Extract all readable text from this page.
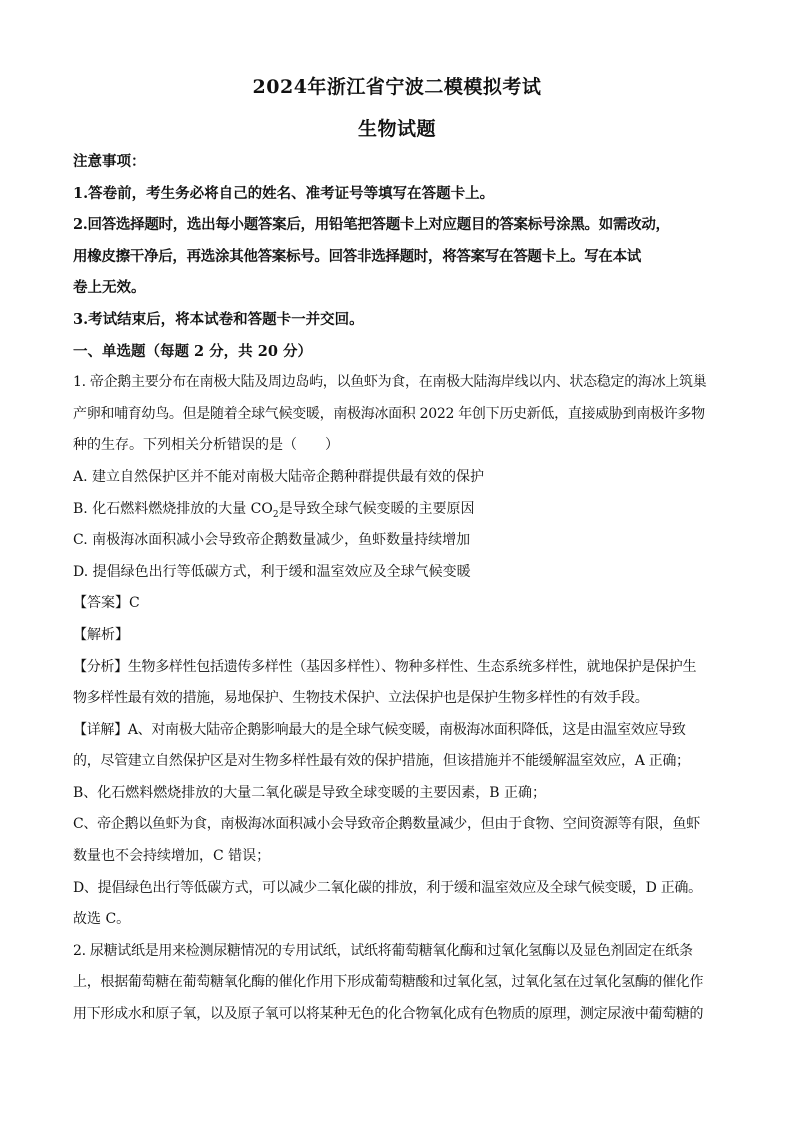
2024年浙江省宁波二模模拟考试
生物试题
注意事项：
1.答卷前，考生务必将自己的姓名、准考证号等填写在答题卡上。
2.回答选择题时，选出每小题答案后，用铅笔把答题卡上对应题目的答案标号涂黑。如需改动，
用橡皮擦干净后，再选涂其他答案标号。回答非选择题时，将答案写在答题卡上。写在本试
卷上无效。
3.考试结束后，将本试卷和答题卡一并交回。
一、单选题（每题 2 分，共 20 分）
1. 帝企鹅主要分布在南极大陆及周边岛屿，以鱼虾为食，在南极大陆海岸线以内、状态稳定的海冰上筑巢
产卵和哺育幼鸟。但是随着全球气候变暖，南极海冰面积 2022 年创下历史新低，直接威胁到南极许多物
种的生存。下列相关分析错误的是（　　）
A. 建立自然保护区并不能对南极大陆帝企鹅种群提供最有效的保护
B. 化石燃料燃烧排放的大量 $CO_2$是导致全球气候变暖的主要原因
C. 南极海冰面积减小会导致帝企鹅数量减少，鱼虾数量持续增加
D. 提倡绿色出行等低碳方式，利于缓和温室效应及全球气候变暖
【答案】C
【解析】
【分析】生物多样性包括遗传多样性（基因多样性）、物种多样性、生态系统多样性，就地保护是保护生
物多样性最有效的措施，易地保护、生物技术保护、立法保护也是保护生物多样性的有效手段。
【详解】A、对南极大陆帝企鹅影响最大的是全球气候变暖，南极海冰面积降低，这是由温室效应导致
的，尽管建立自然保护区是对生物多样性最有效的保护措施，但该措施并不能缓解温室效应，A 正确；
B、化石燃料燃烧排放的大量二氧化碳是导致全球变暖的主要因素，B 正确；
C、帝企鹅以鱼虾为食，南极海冰面积减小会导致帝企鹅数量减少，但由于食物、空间资源等有限，鱼虾
数量也不会持续增加，C 错误；
D、提倡绿色出行等低碳方式，可以减少二氧化碳的排放，利于缓和温室效应及全球气候变暖，D 正确。
故选 C。
2. 尿糖试纸是用来检测尿糖情况的专用试纸，试纸将葡萄糖氧化酶和过氧化氢酶以及显色剂固定在纸条
上，根据葡萄糖在葡萄糖氧化酶的催化作用下形成葡萄糖酸和过氧化氢，过氧化氢在过氧化氢酶的催化作
用下形成水和原子氧，以及原子氧可以将某种无色的化合物氧化成有色物质的原理，测定尿液中葡萄糖的
